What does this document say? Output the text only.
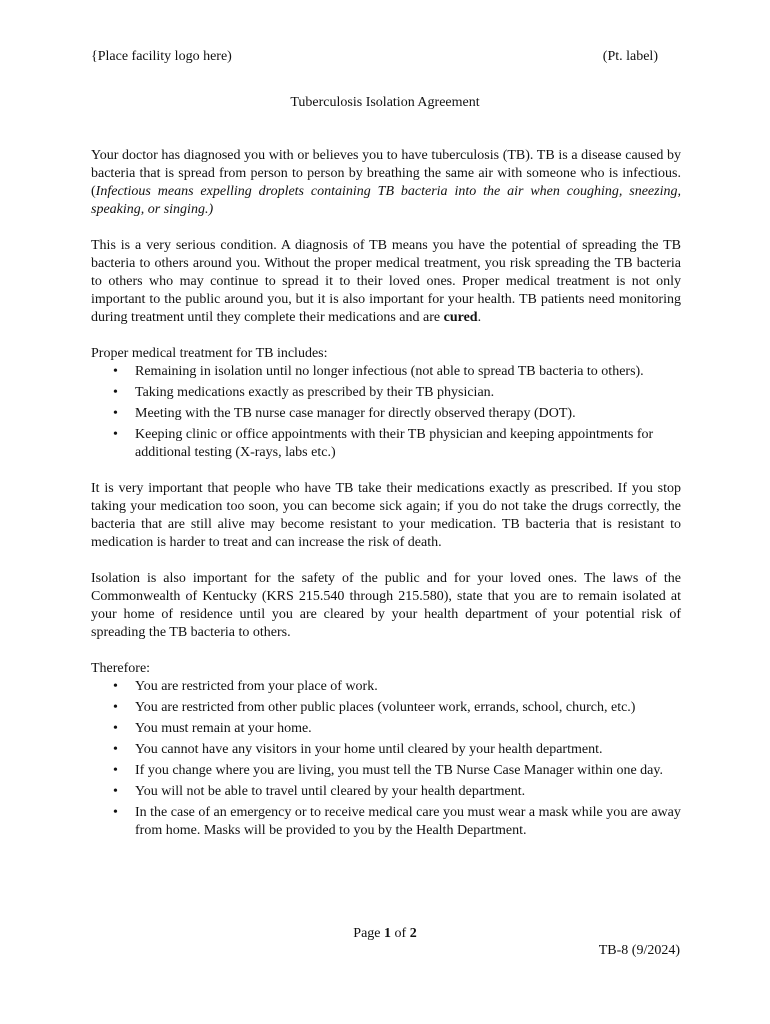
{Place facility logo here)	(Pt. label)
Tuberculosis Isolation Agreement

Your doctor has diagnosed you with or believes you to have tuberculosis (TB). TB is a disease caused by bacteria that is spread from person to person by breathing the same air with someone who is infectious. (Infectious means expelling droplets containing TB bacteria into the air when coughing, sneezing, speaking, or singing.)

This is a very serious condition. A diagnosis of TB means you have the potential of spreading the TB bacteria to others around you. Without the proper medical treatment, you risk spreading the TB bacteria to others who may continue to spread it to their loved ones. Proper medical treatment is not only important to the public around you, but it is also important for your health. TB patients need monitoring during treatment until they complete their medications and are cured.

Proper medical treatment for TB includes:

• Remaining in isolation until no longer infectious (not able to spread TB bacteria to others).
• Taking medications exactly as prescribed by their TB physician.
• Meeting with the TB nurse case manager for directly observed therapy (DOT).
• Keeping clinic or office appointments with their TB physician and keeping appointments for additional testing (X-rays, labs etc.)

It is very important that people who have TB take their medications exactly as prescribed. If you stop taking your medication too soon, you can become sick again; if you do not take the drugs correctly, the bacteria that are still alive may become resistant to your medication. TB bacteria that is resistant to medication is harder to treat and can increase the risk of death.

Isolation is also important for the safety of the public and for your loved ones. The laws of the Commonwealth of Kentucky (KRS 215.540 through 215.580), state that you are to remain isolated at your home of residence until you are cleared by your health department of your potential risk of spreading the TB bacteria to others.

Therefore:

• You are restricted from your place of work.
• You are restricted from other public places (volunteer work, errands, school, church, etc.)
• You must remain at your home.
• You cannot have any visitors in your home until cleared by your health department.
• If you change where you are living, you must tell the TB Nurse Case Manager within one day.
• You will not be able to travel until cleared by your health department.
• In the case of an emergency or to receive medical care you must wear a mask while you are away from home. Masks will be provided to you by the Health Department.
Page 1 of 2
TB-8 (9/2024)
